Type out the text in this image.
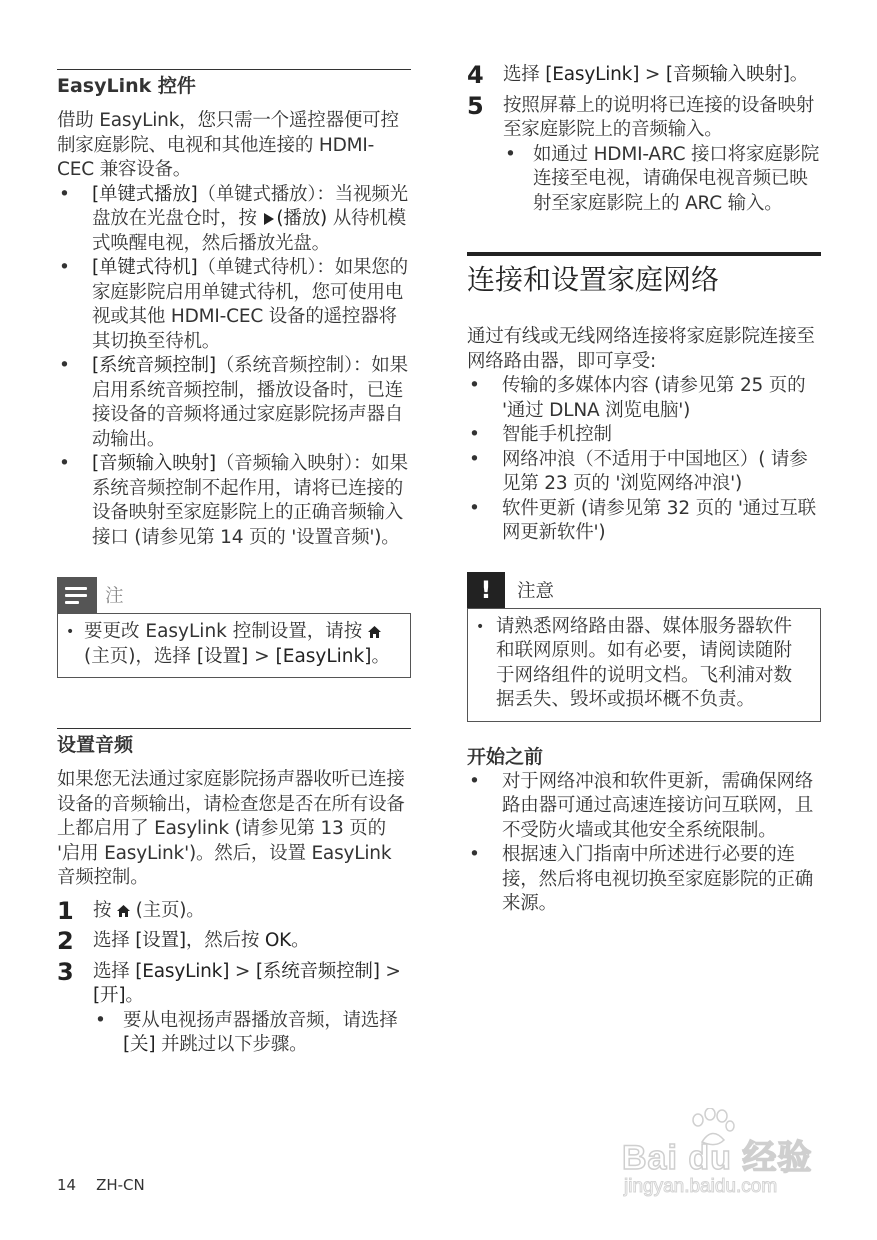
EasyLink 控件

借助 EasyLink，您只需一个遥控器便可控制家庭影院、电视和其他连接的 HDMI-CEC 兼容设备。

• [单键式播放]（单键式播放）：当视频光盘放在光盘仓时，按 (播放) 从待机模式唤醒电视，然后播放光盘。
• [单键式待机]（单键式待机）：如果您的家庭影院启用单键式待机，您可使用电视或其他 HDMI-CEC 设备的遥控器将其切换至待机。
• [系统音频控制]（系统音频控制）：如果启用系统音频控制，播放设备时，已连接设备的音频将通过家庭影院扬声器自动输出。
• [音频输入映射]（音频输入映射）：如果系统音频控制不起作用，请将已连接的设备映射至家庭影院上的正确音频输入接口 (请参见第 14 页的 '设置音频')。
注
• 要更改 EasyLink 控制设置，请按  (主页)，选择 [设置] > [EasyLink]。
设置音频

如果您无法通过家庭影院扬声器收听已连接设备的音频输出，请检查您是否在所有设备上都启用了 Easylink (请参见第 13 页的 '启用 EasyLink')。然后，设置 EasyLink 音频控制。

1 按  (主页)。
2 选择 [设置]，然后按 OK。
3 选择 [EasyLink] > [系统音频控制] >[开]。
• 要从电视扬声器播放音频，请选择 [关] 并跳过以下步骤。
4 选择 [EasyLink] > [音频输入映射]。
5 按照屏幕上的说明将已连接的设备映射至家庭影院上的音频输入。
• 如通过 HDMI-ARC 接口将家庭影院连接至电视，请确保电视音频已映射至家庭影院上的 ARC 输入。
连接和设置家庭网络

通过有线或无线网络连接将家庭影院连接至网络路由器，即可享受:

• 传输的多媒体内容 (请参见第 25 页的 '通过 DLNA 浏览电脑')
• 智能手机控制
• 网络冲浪（不适用于中国地区）( 请参见第 23 页的 '浏览网络冲浪')
• 软件更新 (请参见第 32 页的 '通过互联网更新软件')
!	注意
• 请熟悉网络路由器、媒体服务器软件和联网原则。如有必要，请阅读随附于网络组件的说明文档。飞利浦对数据丢失、毁坏或损坏概不负责。
开始之前
• 对于网络冲浪和软件更新，需确保网络路由器可通过高速连接访问互联网，且不受防火墙或其他安全系统限制。
• 根据速入门指南中所述进行必要的连接，然后将电视切换至家庭影院的正确来源。
14 ZH-CN
Bai du 经验
jingyan.baidu.com
